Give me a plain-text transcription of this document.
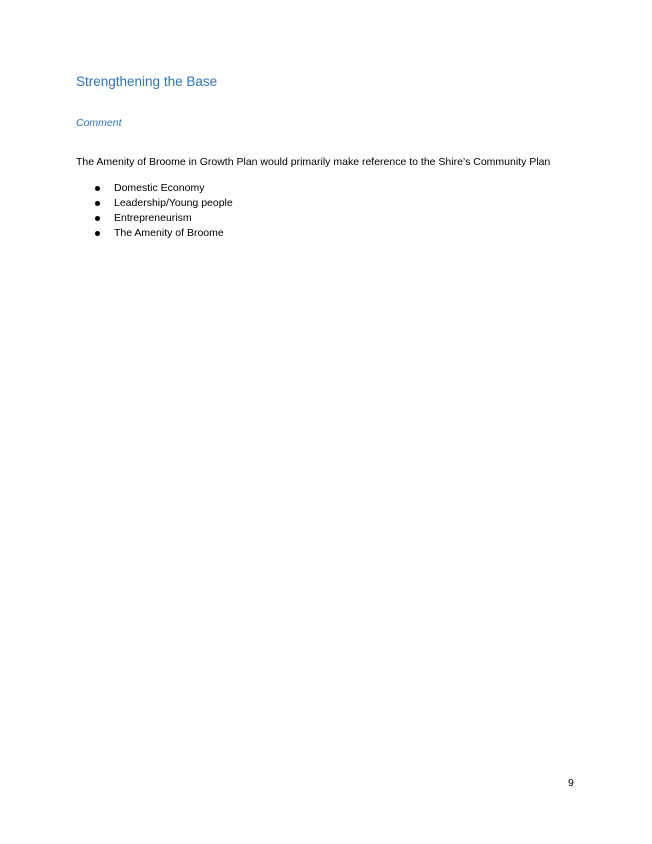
Strengthening the Base
Comment
The Amenity of Broome in Growth Plan would primarily make reference to the Shire’s Community Plan
Domestic Economy
Leadership/Young people
Entrepreneurism
The Amenity of Broome
9
